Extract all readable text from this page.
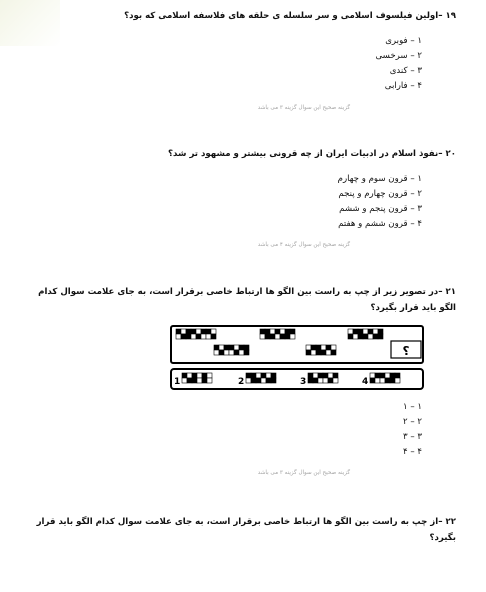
۱۹ –اولین فیلسوف اسلامی و سر سلسله ی حلقه های فلاسفه اسلامی که بود؟
۱ – فوبری
۲ – سرخسی
۳ – کندی
۴ – فارابی
گزینه صحیح این سوال گزینه ۳ می باشد
۲۰ –نفوذ اسلام در ادبیات ایران از چه قرونی بیشتر و مشهود تر شد؟
۱ – قرون سوم و چهارم
۲ – قرون چهارم و پنجم
۳ – قرون پنجم و ششم
۴ – قرون ششم و هفتم
گزینه صحیح این سوال گزینه ۴ می باشد
۲۱ –در تصویر زیر از چپ به راست بین الگو ها ارتباط خاصی برقرار است، به جای علامت سوال کدام الگو باید قرار بگیرد؟
؟
1	2	3	4
۱ – ۱
۲ – ۲
۳ – ۳
۴ – ۴
گزینه صحیح این سوال گزینه ۳ می باشد
۲۲ –از چپ به راست بین الگو ها ارتباط خاصی برقرار است، به جای علامت سوال کدام الگو باید قرار بگیرد؟
